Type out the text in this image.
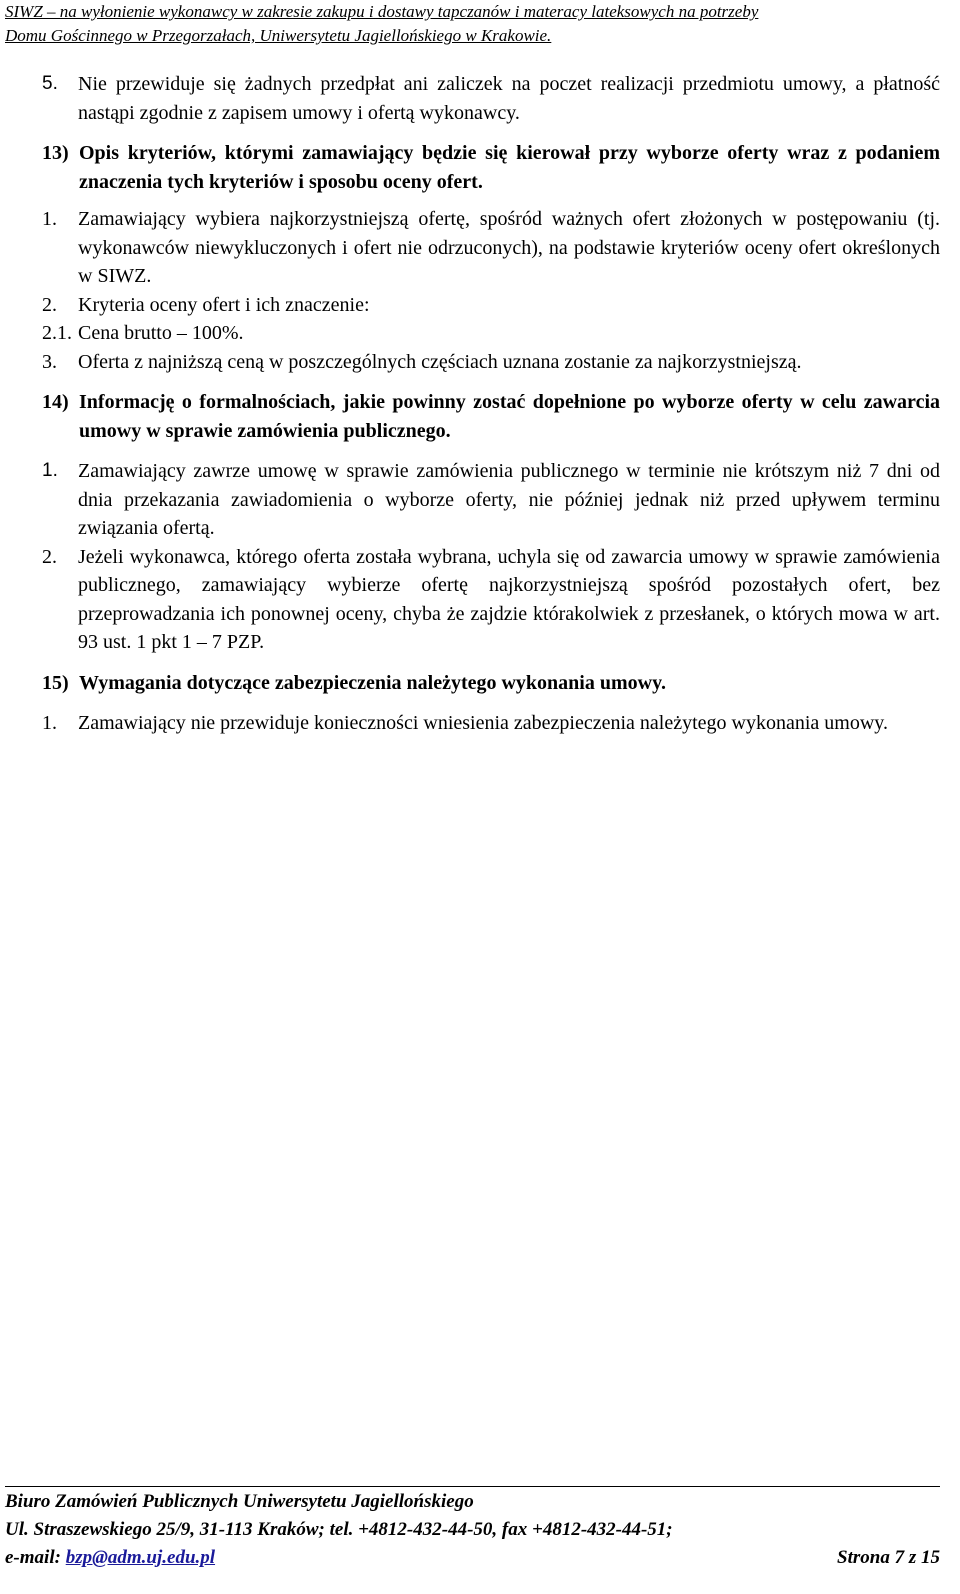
SIWZ – na wyłonienie wykonawcy w zakresie zakupu i dostawy tapczanów i materacy lateksowych na potrzeby
Domu Gościnnego w Przegorzałach, Uniwersytetu Jagiellońskiego w Krakowie.
5.	Nie przewiduje się żadnych przedpłat ani zaliczek na poczet realizacji przedmiotu umowy, a płatność nastąpi zgodnie z zapisem umowy i ofertą wykonawcy.
13) Opis kryteriów, którymi zamawiający będzie się kierował przy wyborze oferty wraz z podaniem znaczenia tych kryteriów i sposobu oceny ofert.
1.	Zamawiający wybiera najkorzystniejszą ofertę, spośród ważnych ofert złożonych w postępowaniu (tj. wykonawców niewykluczonych i ofert nie odrzuconych), na podstawie kryteriów oceny ofert określonych w SIWZ.
2.	Kryteria oceny ofert i ich znaczenie:
2.1. Cena brutto – 100%.
3.	Oferta z najniższą ceną w poszczególnych częściach uznana zostanie za najkorzystniejszą.
14) Informację o formalnościach, jakie powinny zostać dopełnione po wyborze oferty w celu zawarcia umowy w sprawie zamówienia publicznego.
1.	Zamawiający zawrze umowę w sprawie zamówienia publicznego w terminie nie krótszym niż 7 dni od dnia przekazania zawiadomienia o wyborze oferty, nie później jednak niż przed upływem terminu związania ofertą.
2.	Jeżeli wykonawca, którego oferta została wybrana, uchyla się od zawarcia umowy w sprawie zamówienia publicznego, zamawiający wybierze ofertę najkorzystniejszą spośród pozostałych ofert, bez przeprowadzania ich ponownej oceny, chyba że zajdzie którakolwiek z przesłanek, o których mowa w art. 93 ust. 1 pkt 1 – 7 PZP.
15) Wymagania dotyczące zabezpieczenia należytego wykonania umowy.
1.	Zamawiający nie przewiduje konieczności wniesienia zabezpieczenia należytego wykonania umowy.
Biuro Zamówień Publicznych Uniwersytetu Jagiellońskiego
Ul. Straszewskiego 25/9, 31-113 Kraków; tel. +4812-432-44-50, fax +4812-432-44-51;
e-mail: bzp@adm.uj.edu.pl	Strona 7 z 15
